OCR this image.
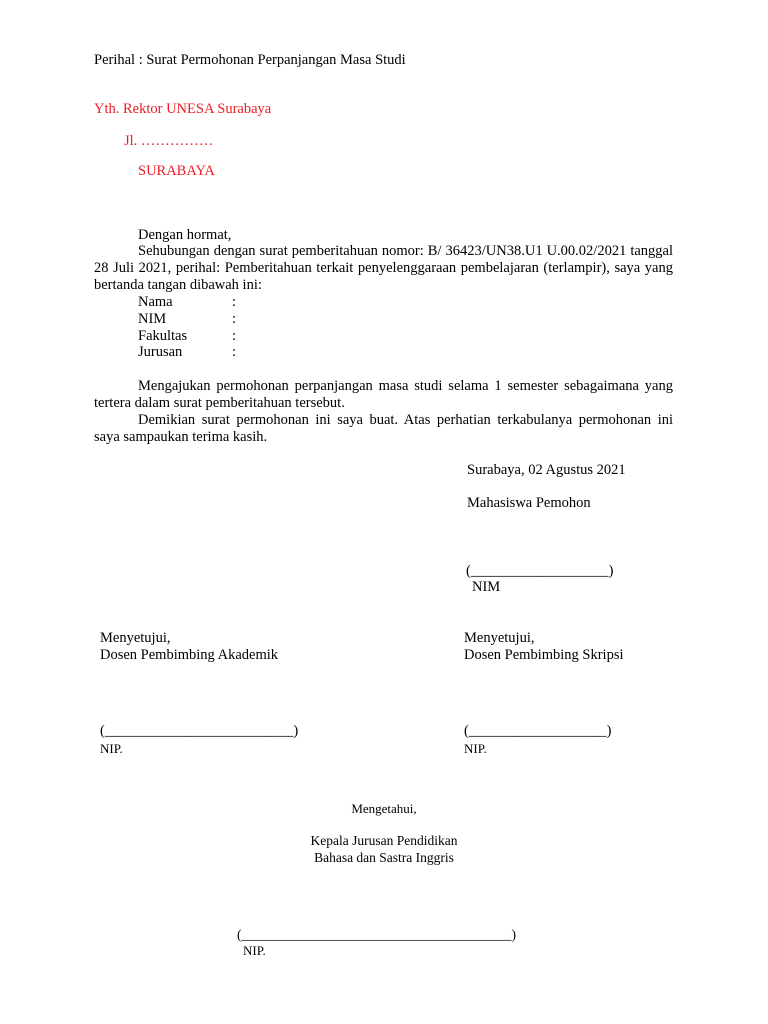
Perihal : Surat Permohonan Perpanjangan Masa Studi
Yth. Rektor UNESA Surabaya
Jl. ……………
SURABAYA
Dengan hormat,
Sehubungan dengan surat pemberitahuan nomor: B/ 36423/UN38.U1 U.00.02/2021 tanggal 28 Juli 2021, perihal: Pemberitahuan terkait penyelenggaraan pembelajaran (terlampir), saya yang bertanda tangan dibawah ini:
Nama	:
NIM	:
Fakultas	:
Jurusan	:
Mengajukan permohonan perpanjangan masa studi selama 1 semester sebagaimana yang tertera dalam surat pemberitahuan tersebut.
Demikian surat permohonan ini saya buat. Atas perhatian terkabulanya permohonan ini saya sampaukan terima kasih.
Surabaya, 02 Agustus 2021
Mahasiswa Pemohon
(___________________)
NIM
Menyetujui,
Dosen Pembimbing Akademik
(__________________________)
NIP.
Menyetujui,
Dosen Pembimbing Skripsi
(___________________)
NIP.
Mengetahui,
Kepala Jurusan Pendidikan
Bahasa dan Sastra Inggris
(________________________________________)
NIP.
